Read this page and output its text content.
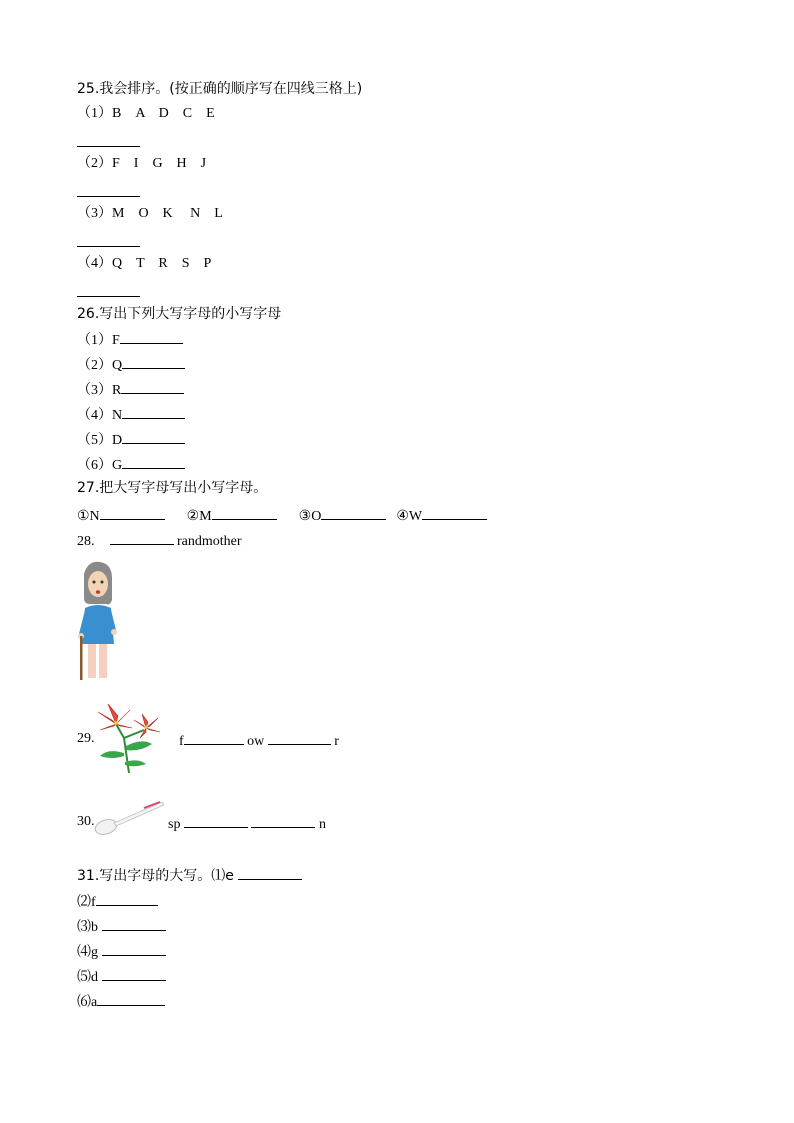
25.我会排序。(按正确的顺序写在四线三格上)
（1）B　A　D　C　E
（2）F　I　G　H　J
（3）M　O　K　 N　L
（4）Q　T　R　S　P
26.写出下列大写字母的小写字母
（1）F
（2）Q
（3）R
（4）N
（5）D
（6）G
27.把大写字母写出小写字母。
①N	②M	③O	④W
28.	randmother
29.	f	ow	r
30.	sp	n
31.写出字母的大写。⑴e
⑵f
⑶b
⑷g
⑸d
⑹a
